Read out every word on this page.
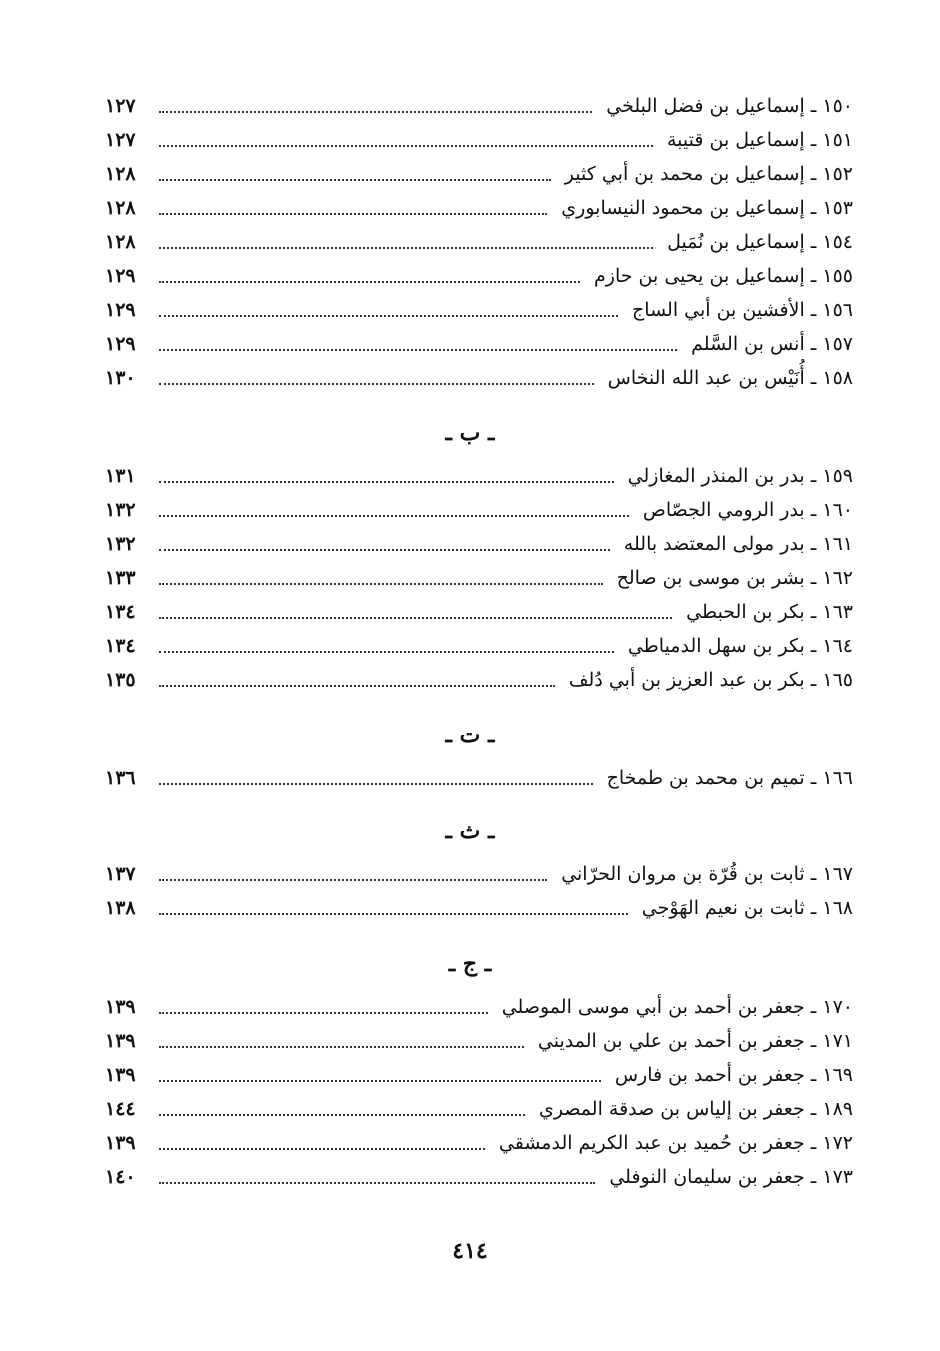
٤١٤
١٥٠ ـ إسماعيل بن فضل البلخي
١٢٧
١٥١ ـ إسماعيل بن قتيبة
١٢٧
١٥٢ ـ إسماعيل بن محمد بن أبي كثير
١٢٨
١٥٣ ـ إسماعيل بن محمود النيسابوري
١٢٨
١٥٤ ـ إسماعيل بن نُمَيل
١٢٨
١٥٥ ـ إسماعيل بن يحيى بن حازم
١٢٩
١٥٦ ـ الأفشين بن أبي الساج
١٢٩
١٥٧ ـ أنس بن السَّلم
١٢٩
١٥٨ ـ أُنَيْس بن عبد الله النخاس
١٣٠
ـ ب ـ
١٥٩ ـ بدر بن المنذر المغازلي
١٣١
١٦٠ ـ بدر الرومي الجصّاص
١٣٢
١٦١ ـ بدر مولى المعتضد بالله
١٣٢
١٦٢ ـ بشر بن موسى بن صالح
١٣٣
١٦٣ ـ بكر بن الحبطي
١٣٤
١٦٤ ـ بكر بن سهل الدمياطي
١٣٤
١٦٥ ـ بكر بن عبد العزيز بن أبي دُلف
١٣٥
ـ ت ـ
١٦٦ ـ تميم بن محمد بن طمخاج
١٣٦
ـ ث ـ
١٦٧ ـ ثابت بن قُرّة بن مروان الحرّاني
١٣٧
١٦٨ ـ ثابت بن نعيم الهَوْجي
١٣٨
ـ ج ـ
١٧٠ ـ جعفر بن أحمد بن أبي موسى الموصلي
١٣٩
١٧١ ـ جعفر بن أحمد بن علي بن المديني
١٣٩
١٦٩ ـ جعفر بن أحمد بن فارس
١٣٩
١٨٩ ـ جعفر بن إلياس بن صدقة المصري
١٤٤
١٧٢ ـ جعفر بن حُميد بن عبد الكريم الدمشقي
١٣٩
١٧٣ ـ جعفر بن سليمان النوفلي
١٤٠
